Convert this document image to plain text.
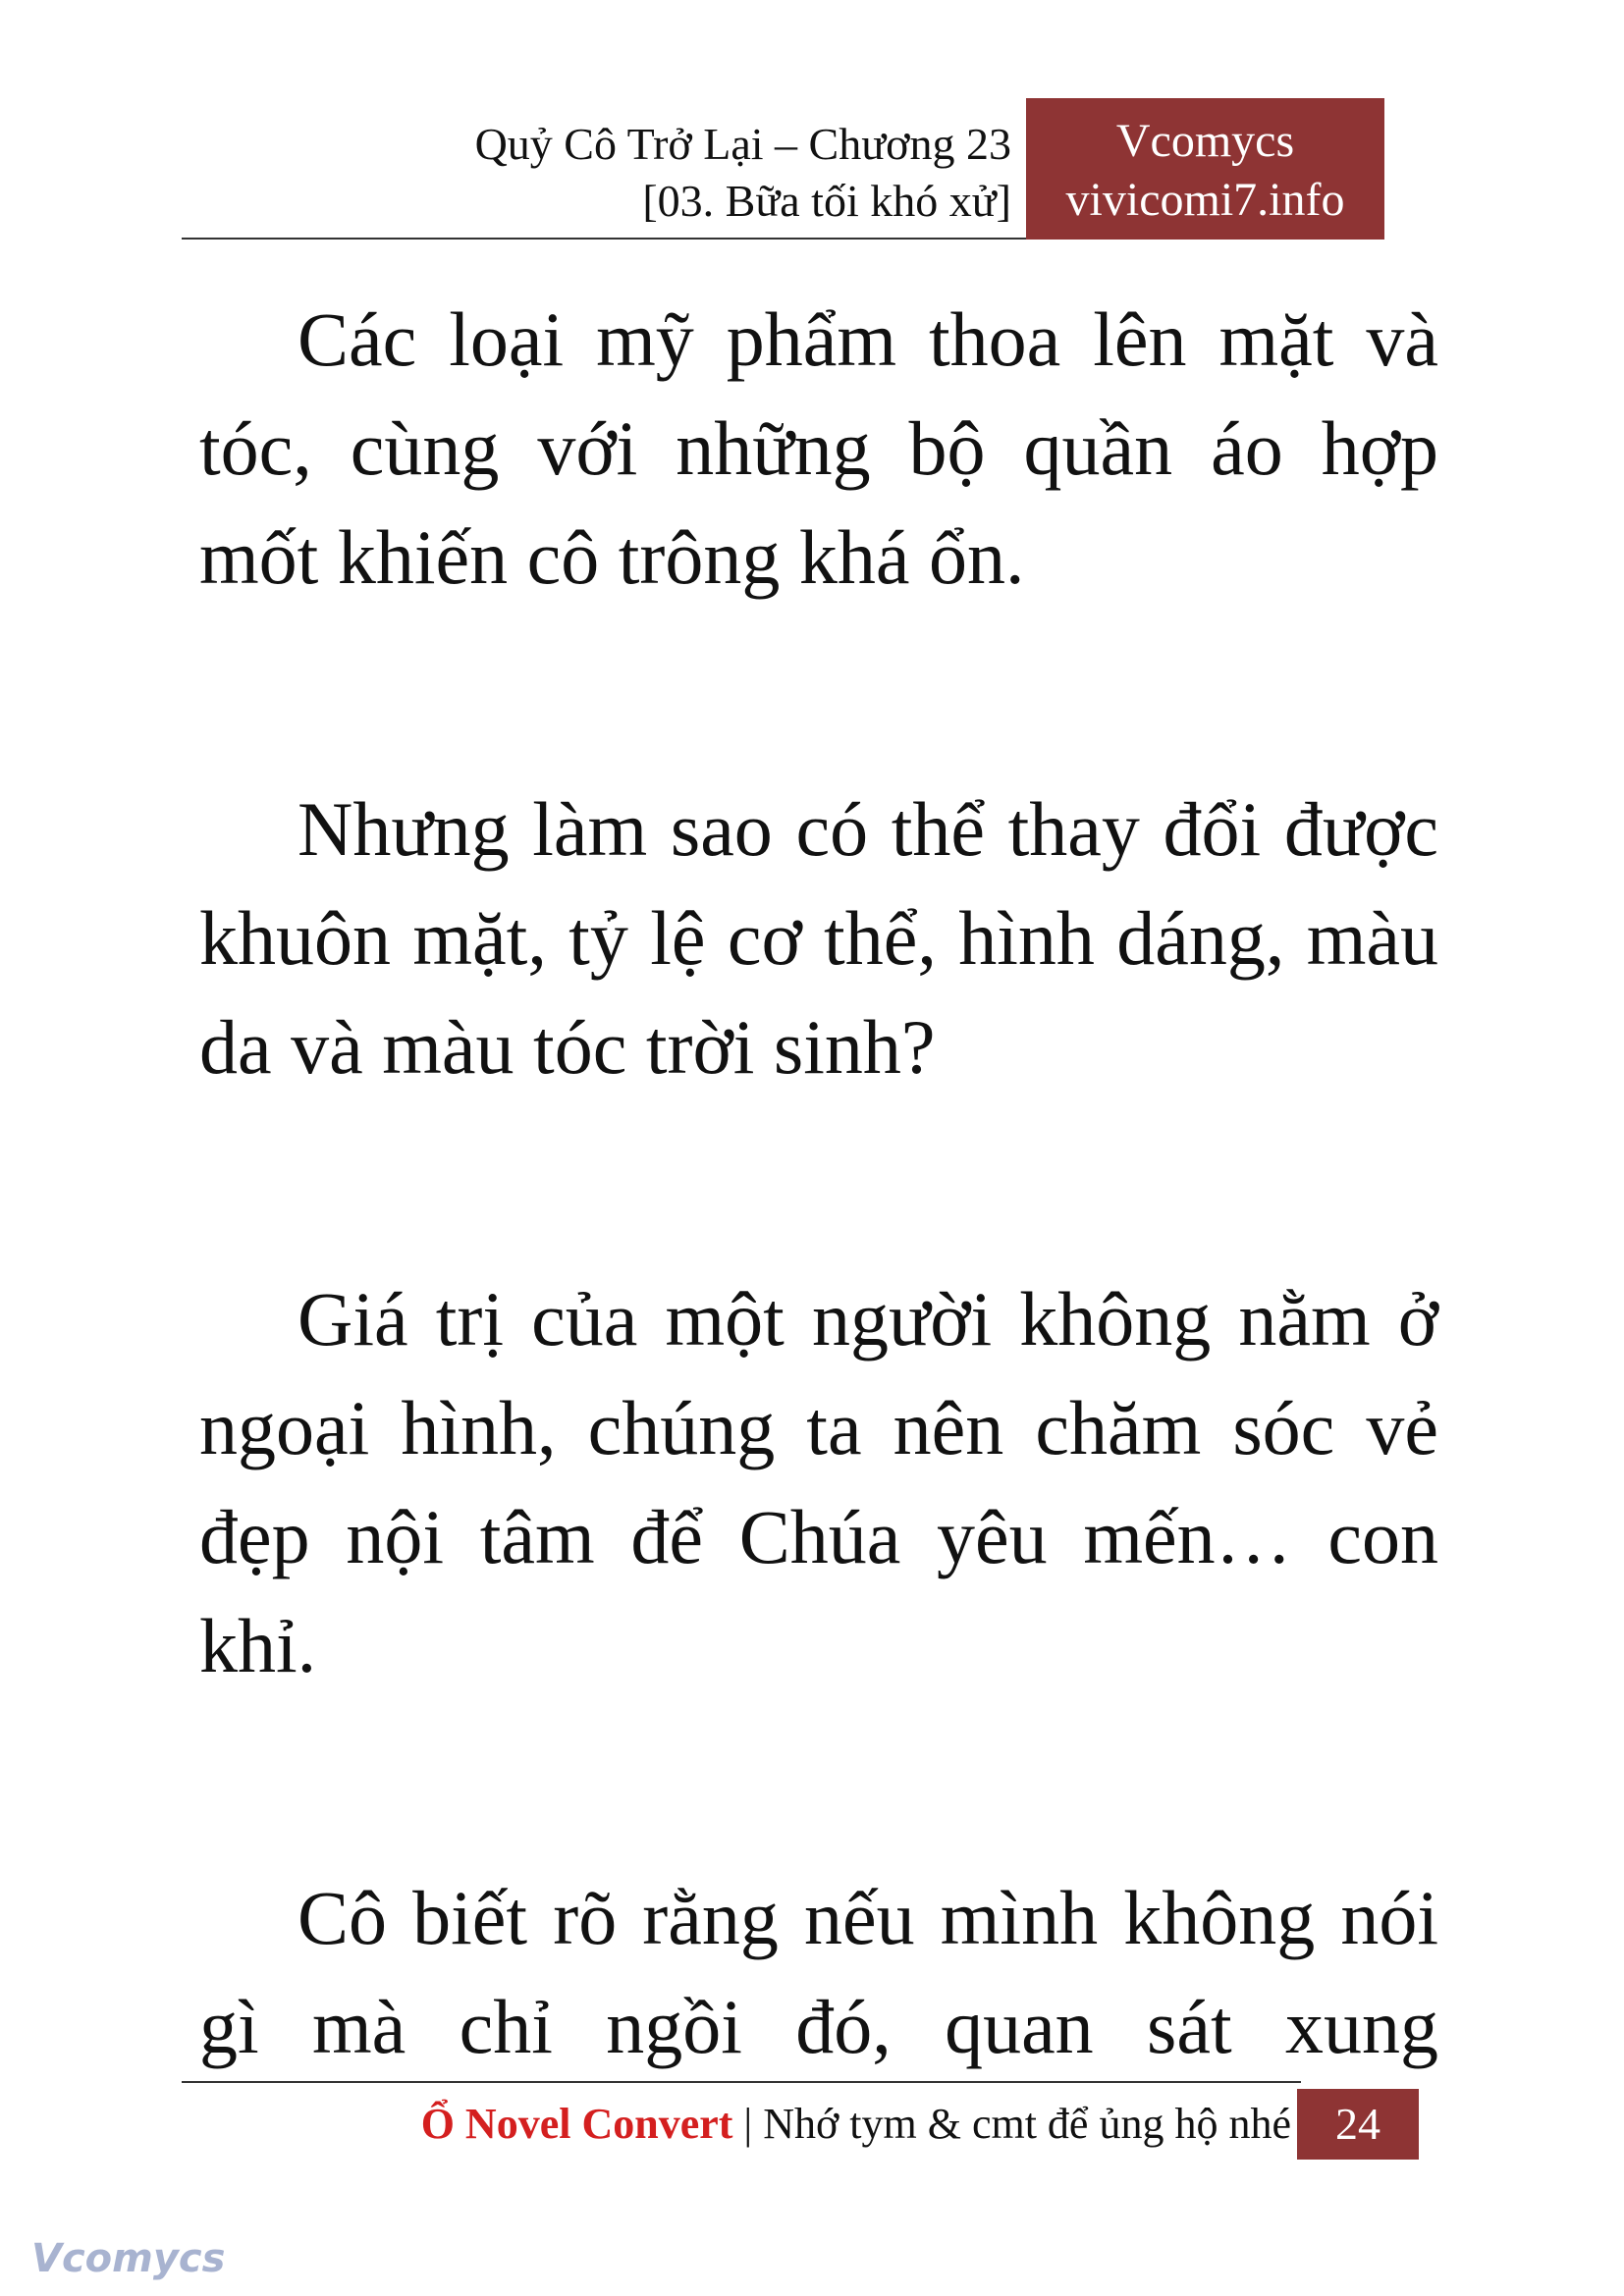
Quỷ Cô Trở Lại – Chương 23
[03. Bữa tối khó xử]
Vcomycs
vivicomi7.info

Các loại mỹ phẩm thoa lên mặt và tóc, cùng với những bộ quần áo hợp mốt khiến cô trông khá ổn.

Nhưng làm sao có thể thay đổi được khuôn mặt, tỷ lệ cơ thể, hình dáng, màu da và màu tóc trời sinh?

Giá trị của một người không nằm ở ngoại hình, chúng ta nên chăm sóc vẻ đẹp nội tâm để Chúa yêu mến… con khỉ.

Cô biết rõ rằng nếu mình không nói gì mà chỉ ngồi đó, quan sát xung

Ổ Novel Convert | Nhớ tym & cmt để ủng hộ nhé 24
Vcomycs
